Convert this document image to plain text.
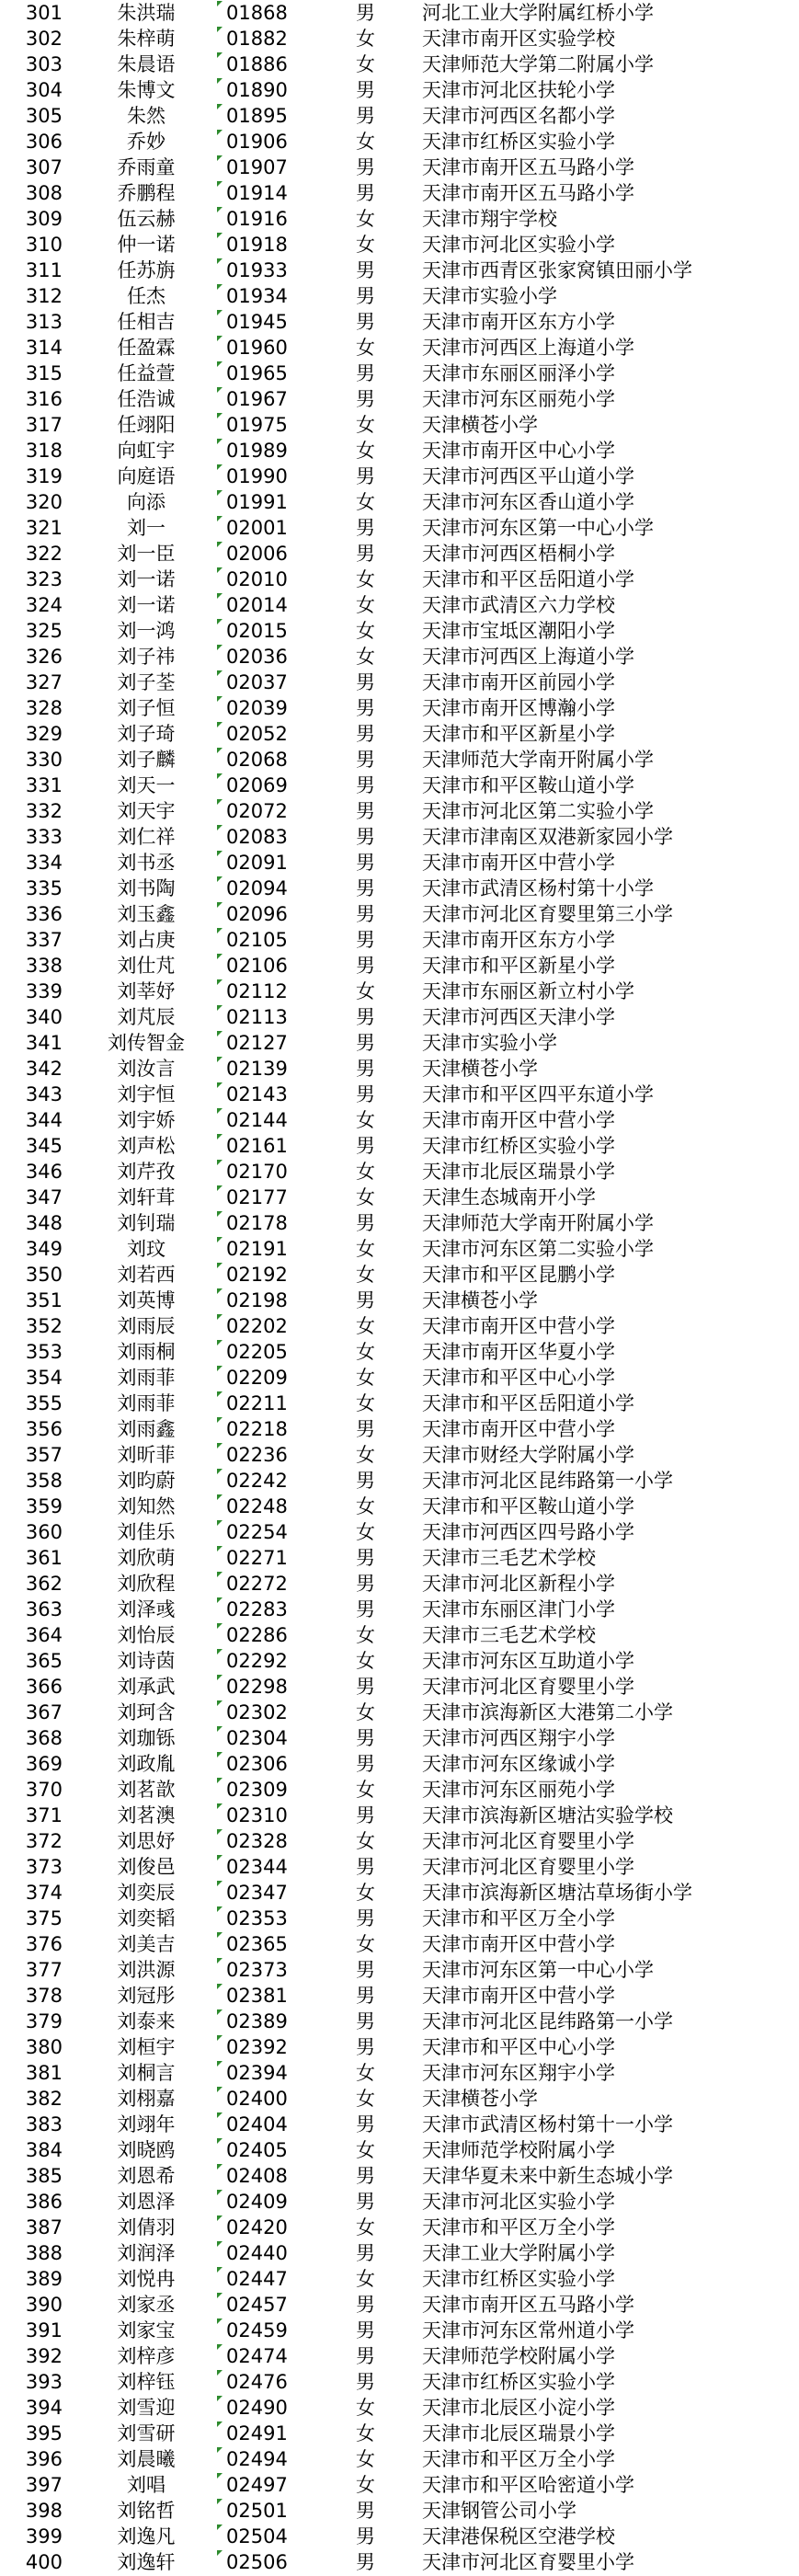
301	朱洪瑞	01868	男	河北工业大学附属红桥小学
302	朱梓萌	01882	女	天津市南开区实验学校
303	朱晨语	01886	女	天津师范大学第二附属小学
304	朱博文	01890	男	天津市河北区扶轮小学
305	朱然	01895	男	天津市河西区名都小学
306	乔妙	01906	女	天津市红桥区实验小学
307	乔雨童	01907	男	天津市南开区五马路小学
308	乔鹏程	01914	男	天津市南开区五马路小学
309	伍云赫	01916	女	天津市翔宇学校
310	仲一诺	01918	女	天津市河北区实验小学
311	任苏旃	01933	男	天津市西青区张家窝镇田丽小学
312	任杰	01934	男	天津市实验小学
313	任相吉	01945	男	天津市南开区东方小学
314	任盈霖	01960	女	天津市河西区上海道小学
315	任益萱	01965	男	天津市东丽区丽泽小学
316	任浩诚	01967	男	天津市河东区丽苑小学
317	任翊阳	01975	女	天津横苍小学
318	向虹宇	01989	女	天津市南开区中心小学
319	向庭语	01990	男	天津市河西区平山道小学
320	向添	01991	女	天津市河东区香山道小学
321	刘一	02001	男	天津市河东区第一中心小学
322	刘一臣	02006	男	天津市河西区梧桐小学
323	刘一诺	02010	女	天津市和平区岳阳道小学
324	刘一诺	02014	女	天津市武清区六力学校
325	刘一鸿	02015	女	天津市宝坻区潮阳小学
326	刘子祎	02036	女	天津市河西区上海道小学
327	刘子荃	02037	男	天津市南开区前园小学
328	刘子恒	02039	男	天津市南开区博瀚小学
329	刘子琦	02052	男	天津市和平区新星小学
330	刘子麟	02068	男	天津师范大学南开附属小学
331	刘天一	02069	男	天津市和平区鞍山道小学
332	刘天宇	02072	男	天津市河北区第二实验小学
333	刘仁祥	02083	男	天津市津南区双港新家园小学
334	刘书丞	02091	男	天津市南开区中营小学
335	刘书陶	02094	男	天津市武清区杨村第十小学
336	刘玉鑫	02096	男	天津市河北区育婴里第三小学
337	刘占庚	02105	男	天津市南开区东方小学
338	刘仕芃	02106	男	天津市和平区新星小学
339	刘莘妤	02112	女	天津市东丽区新立村小学
340	刘芃辰	02113	男	天津市河西区天津小学
341	刘传智金	02127	男	天津市实验小学
342	刘汝言	02139	男	天津横苍小学
343	刘宇恒	02143	男	天津市和平区四平东道小学
344	刘宇娇	02144	女	天津市南开区中营小学
345	刘声松	02161	男	天津市红桥区实验小学
346	刘芹孜	02170	女	天津市北辰区瑞景小学
347	刘轩茸	02177	女	天津生态城南开小学
348	刘钊瑞	02178	男	天津师范大学南开附属小学
349	刘玟	02191	女	天津市河东区第二实验小学
350	刘若西	02192	女	天津市和平区昆鹏小学
351	刘英博	02198	男	天津横苍小学
352	刘雨辰	02202	女	天津市南开区中营小学
353	刘雨桐	02205	女	天津市南开区华夏小学
354	刘雨菲	02209	女	天津市和平区中心小学
355	刘雨菲	02211	女	天津市和平区岳阳道小学
356	刘雨鑫	02218	男	天津市南开区中营小学
357	刘昕菲	02236	女	天津市财经大学附属小学
358	刘昀蔚	02242	男	天津市河北区昆纬路第一小学
359	刘知然	02248	女	天津市和平区鞍山道小学
360	刘佳乐	02254	女	天津市河西区四号路小学
361	刘欣萌	02271	男	天津市三毛艺术学校
362	刘欣程	02272	男	天津市河北区新程小学
363	刘泽彧	02283	男	天津市东丽区津门小学
364	刘怡辰	02286	女	天津市三毛艺术学校
365	刘诗茵	02292	女	天津市河东区互助道小学
366	刘承武	02298	男	天津市河北区育婴里小学
367	刘珂含	02302	女	天津市滨海新区大港第二小学
368	刘珈铄	02304	男	天津市河西区翔宇小学
369	刘政胤	02306	男	天津市河东区缘诚小学
370	刘茗歆	02309	女	天津市河东区丽苑小学
371	刘茗澳	02310	男	天津市滨海新区塘沽实验学校
372	刘思妤	02328	女	天津市河北区育婴里小学
373	刘俊邑	02344	男	天津市河北区育婴里小学
374	刘奕辰	02347	女	天津市滨海新区塘沽草场街小学
375	刘奕韬	02353	男	天津市和平区万全小学
376	刘美吉	02365	女	天津市南开区中营小学
377	刘洪源	02373	男	天津市河东区第一中心小学
378	刘冠彤	02381	男	天津市南开区中营小学
379	刘泰来	02389	男	天津市河北区昆纬路第一小学
380	刘桓宇	02392	男	天津市和平区中心小学
381	刘桐言	02394	女	天津市河东区翔宇小学
382	刘栩嘉	02400	女	天津横苍小学
383	刘翊年	02404	男	天津市武清区杨村第十一小学
384	刘晓鸥	02405	女	天津师范学校附属小学
385	刘恩希	02408	男	天津华夏未来中新生态城小学
386	刘恩泽	02409	男	天津市河北区实验小学
387	刘倩羽	02420	女	天津市和平区万全小学
388	刘润泽	02440	男	天津工业大学附属小学
389	刘悦冉	02447	女	天津市红桥区实验小学
390	刘家丞	02457	男	天津市南开区五马路小学
391	刘家宝	02459	男	天津市河东区常州道小学
392	刘梓彦	02474	男	天津师范学校附属小学
393	刘梓钰	02476	男	天津市红桥区实验小学
394	刘雪迎	02490	女	天津市北辰区小淀小学
395	刘雪研	02491	女	天津市北辰区瑞景小学
396	刘晨曦	02494	女	天津市和平区万全小学
397	刘唱	02497	女	天津市和平区哈密道小学
398	刘铭哲	02501	男	天津钢管公司小学
399	刘逸凡	02504	男	天津港保税区空港学校
400	刘逸轩	02506	男	天津市河北区育婴里小学
